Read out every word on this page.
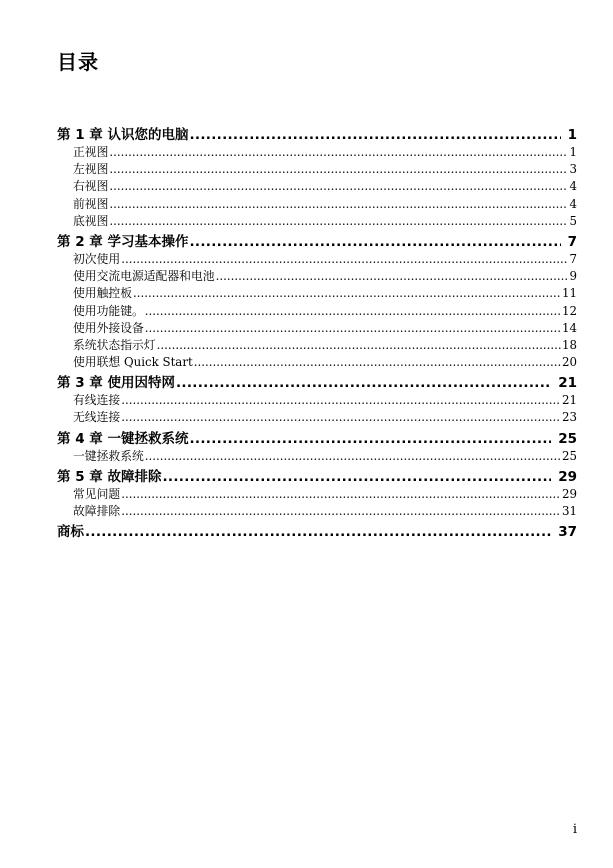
目录
第 1 章 认识您的电脑 .....	1
正视图 .....	1
左视图 .....	3
右视图 .....	4
前视图 .....	4
底视图 .....	5
第 2 章 学习基本操作 .....	7
初次使用 .....	7
使用交流电源适配器和电池 .....	9
使用触控板 .....	11
使用功能键。 .....	12
使用外接设备 .....	14
系统状态指示灯 .....	18
使用联想 Quick Start .....	20
第 3 章 使用因特网 .....	21
有线连接 .....	21
无线连接 .....	23
第 4 章 一键拯救系统 .....	25
一键拯救系统 .....	25
第 5 章 故障排除 .....	29
常见问题 .....	29
故障排除 .....	31
商标 .....	37
i
